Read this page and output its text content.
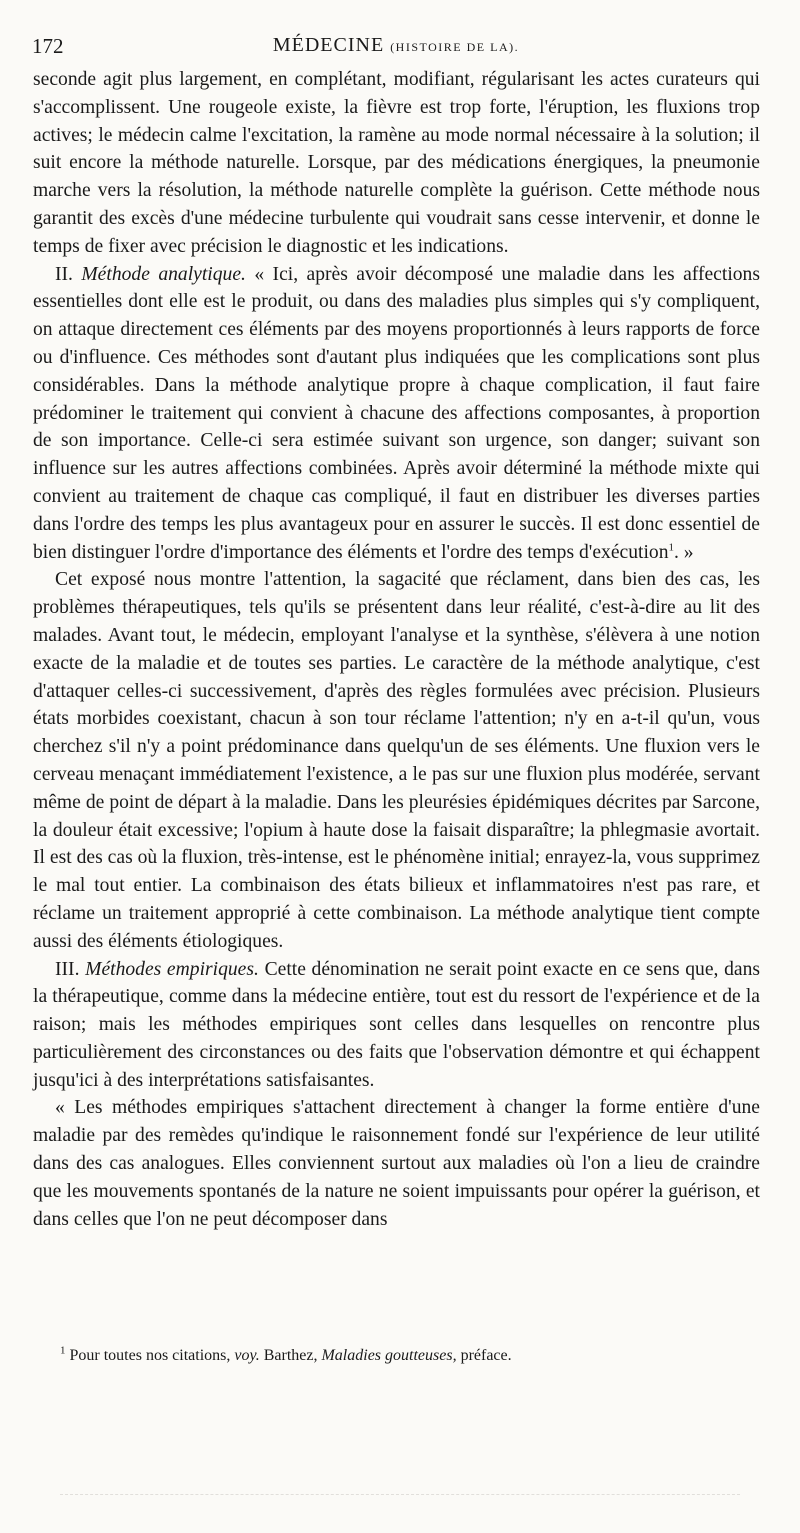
172	MÉDECINE (HISTOIRE DE LA).

seconde agit plus largement, en complétant, modifiant, régularisant les actes curateurs qui s'accomplissent. Une rougeole existe, la fièvre est trop forte, l'éruption, les fluxions trop actives; le médecin calme l'excitation, la ramène au mode normal nécessaire à la solution; il suit encore la méthode naturelle. Lorsque, par des médications énergiques, la pneumonie marche vers la résolution, la méthode naturelle complète la guérison. Cette méthode nous garantit des excès d'une médecine turbulente qui voudrait sans cesse intervenir, et donne le temps de fixer avec précision le diagnostic et les indications.

II. Méthode analytique. « Ici, après avoir décomposé une maladie dans les affections essentielles dont elle est le produit, ou dans des maladies plus simples qui s'y compliquent, on attaque directement ces éléments par des moyens proportionnés à leurs rapports de force ou d'influence. Ces méthodes sont d'autant plus indiquées que les complications sont plus considérables. Dans la méthode analytique propre à chaque complication, il faut faire prédominer le traitement qui convient à chacune des affections composantes, à proportion de son importance. Celle-ci sera estimée suivant son urgence, son danger; suivant son influence sur les autres affections combinées. Après avoir déterminé la méthode mixte qui convient au traitement de chaque cas compliqué, il faut en distribuer les diverses parties dans l'ordre des temps les plus avantageux pour en assurer le succès. Il est donc essentiel de bien distinguer l'ordre d'importance des éléments et l'ordre des temps d'exécution$^1$. »

Cet exposé nous montre l'attention, la sagacité que réclament, dans bien des cas, les problèmes thérapeutiques, tels qu'ils se présentent dans leur réalité, c'est-à-dire au lit des malades. Avant tout, le médecin, employant l'analyse et la synthèse, s'élèvera à une notion exacte de la maladie et de toutes ses parties. Le caractère de la méthode analytique, c'est d'attaquer celles-ci successivement, d'après des règles formulées avec précision. Plusieurs états morbides coexistant, chacun à son tour réclame l'attention; n'y en a-t-il qu'un, vous cherchez s'il n'y a point prédominance dans quelqu'un de ses éléments. Une fluxion vers le cerveau menaçant immédiatement l'existence, a le pas sur une fluxion plus modérée, servant même de point de départ à la maladie. Dans les pleurésies épidémiques décrites par Sarcone, la douleur était excessive; l'opium à haute dose la faisait disparaître; la phlegmasie avortait. Il est des cas où la fluxion, très-intense, est le phénomène initial; enrayez-la, vous supprimez le mal tout entier. La combinaison des états bilieux et inflammatoires n'est pas rare, et réclame un traitement approprié à cette combinaison. La méthode analytique tient compte aussi des éléments étiologiques.

III. Méthodes empiriques. Cette dénomination ne serait point exacte en ce sens que, dans la thérapeutique, comme dans la médecine entière, tout est du ressort de l'expérience et de la raison; mais les méthodes empiriques sont celles dans lesquelles on rencontre plus particulièrement des circonstances ou des faits que l'observation démontre et qui échappent jusqu'ici à des interprétations satisfaisantes.

« Les méthodes empiriques s'attachent directement à changer la forme entière d'une maladie par des remèdes qu'indique le raisonnement fondé sur l'expérience de leur utilité dans des cas analogues. Elles conviennent surtout aux maladies où l'on a lieu de craindre que les mouvements spontanés de la nature ne soient impuissants pour opérer la guérison, et dans celles que l'on ne peut décomposer dans

$^1$ Pour toutes nos citations, voy. Barthez, Maladies goutteuses, préface.
